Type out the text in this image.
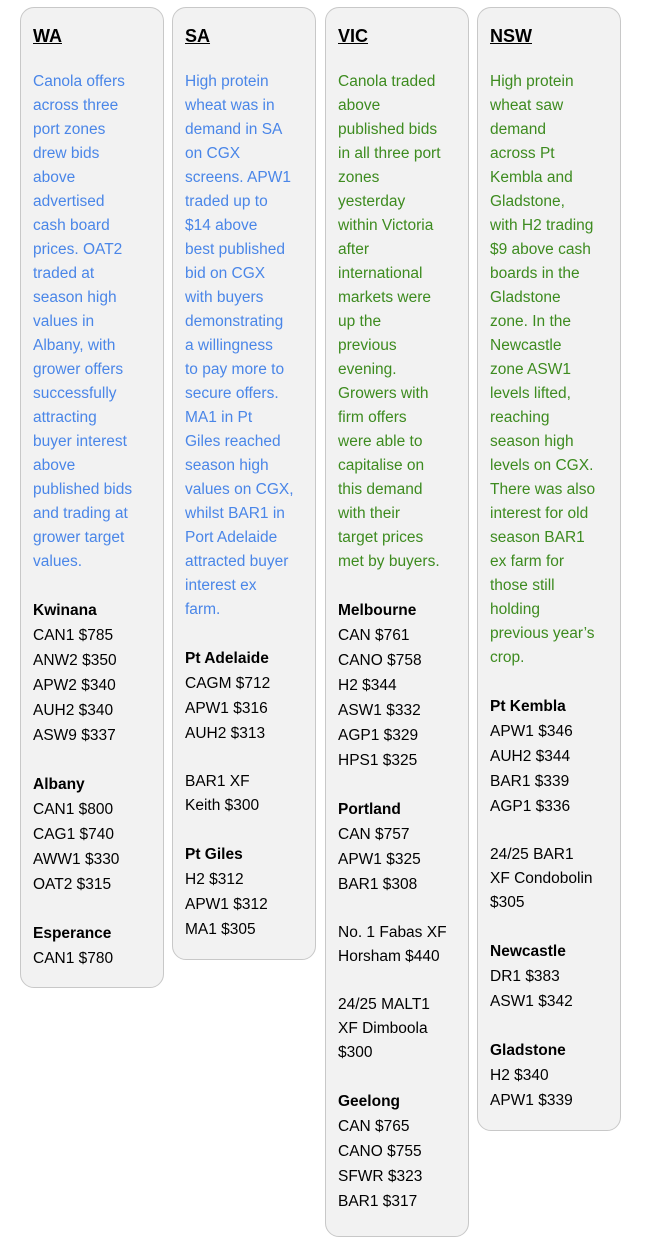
WA
Canola offers
across three
port zones
drew bids
above
advertised
cash board
prices. OAT2
traded at
season high
values in
Albany, with
grower offers
successfully
attracting
buyer interest
above
published bids
and trading at
grower target
values.
Kwinana
CAN1 $785
ANW2 $350
APW2 $340
AUH2 $340
ASW9 $337
Albany
CAN1 $800
CAG1 $740
AWW1 $330
OAT2 $315
Esperance
CAN1 $780
SA
High protein
wheat was in
demand in SA
on CGX
screens. APW1
traded up to
$14 above
best published
bid on CGX
with buyers
demonstrating
a willingness
to pay more to
secure offers.
MA1 in Pt
Giles reached
season high
values on CGX,
whilst BAR1 in
Port Adelaide
attracted buyer
interest ex
farm.
Pt Adelaide
CAGM $712
APW1 $316
AUH2 $313
BAR1 XF
Keith $300
Pt Giles
H2 $312
APW1 $312
MA1 $305
VIC
Canola traded
above
published bids
in all three port
zones
yesterday
within Victoria
after
international
markets were
up the
previous
evening.
Growers with
firm offers
were able to
capitalise on
this demand
with their
target prices
met by buyers.
Melbourne
CAN $761
CANO $758
H2 $344
ASW1 $332
AGP1 $329
HPS1 $325
Portland
CAN $757
APW1 $325
BAR1 $308
No. 1 Fabas XF
Horsham $440
24/25 MALT1
XF Dimboola
$300
Geelong
CAN $765
CANO $755
SFWR $323
BAR1 $317
NSW
High protein
wheat saw
demand
across Pt
Kembla and
Gladstone,
with H2 trading
$9 above cash
boards in the
Gladstone
zone. In the
Newcastle
zone ASW1
levels lifted,
reaching
season high
levels on CGX.
There was also
interest for old
season BAR1
ex farm for
those still
holding
previous year’s
crop.
Pt Kembla
APW1 $346
AUH2 $344
BAR1 $339
AGP1 $336
24/25 BAR1
XF Condobolin
$305
Newcastle
DR1 $383
ASW1 $342
Gladstone
H2 $340
APW1 $339
